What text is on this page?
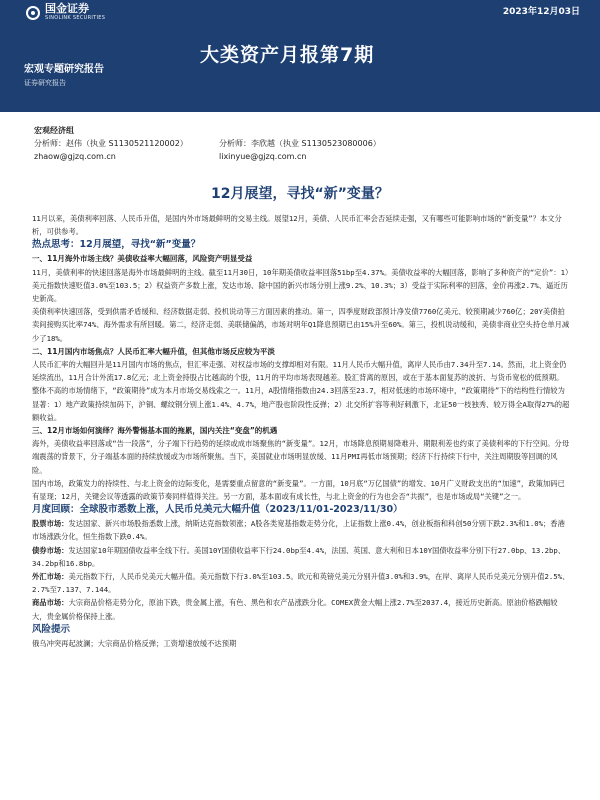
国金证券
SINOLINK SECURITIES
2023年12月03日
宏观专题研究报告
证券研究报告
大类资产月报第7期
宏观经济组
分析师：赵伟（执业 S1130521120002）
zhaow@gjzq.com.cn
分析师：李欣越（执业 S1130523080006）
lixinyue@gjzq.com.cn
12月展望，寻找“新”变量？

11月以来，美债利率回落、人民币升值，是国内外市场最鲜明的交易主线。展望12月，美债、人民币汇率会否延续走强，又有哪些可能影响市场的“新变量”？本文分析，可供参考。

热点思考：12月展望，寻找“新”变量？

一、11月海外市场主线？美债收益率大幅回落，风险资产明显受益

11月，美债利率的快速回落是海外市场最鲜明的主线。截至11月30日，10年期美债收益率回落51bp至4.37%。美债收益率的大幅回落，影响了多种资产的“定价”：1）美元指数快速贬值3.0%至103.5；2）权益资产多数上涨，发达市场、除中国的新兴市场分别上涨9.2%、10.3%；3）受益于实际利率的回落，金价再涨2.7%、逼近历史新高。

美债利率快速回落，受到供需矛盾缓和、经济数据走弱、投机说动等三方面因素的推动。第一，四季度财政部预计净发债7760亿美元、较预期减少760亿；20Y美债拍卖间接购买比率74%、海外需求有所回暖。第二，经济走弱、美联储偏鸽，市场对明年Q1降息预期已由15%升至60%。第三，投机说动缓和，美债非商业空头持仓单月减少了18%。

二、11月国内市场焦点？人民币汇率大幅升值，但其他市场反应较为平淡

人民币汇率的大幅回升是11月国内市场的焦点，但汇率走强、对权益市场的支撑却相对有限。11月人民币大幅升值，离岸人民币由7.34升至7.14。然而，北上资金仍延续流出，11月合计外流17.8亿元；北上资金持股占比越高的个股，11月的平均市场表现越差。股汇背离的原因，或在于基本面复苏的波折、与货币宽松的低预期。

整体不高的市场情绪下，“政策期待”成为本月市场交易线索之一。11月，A股情绪指数由24.3回落至23.7，相对低迷的市场环境中，“政策期待”下的结构性行情较为显著：1）地产政策持续加码下，沪铜、螺纹钢分别上涨1.4%、4.7%，地产股也阶段性反弹；2）北交所扩容等利好刺激下，北证50一枝独秀、较万得全A取得27%的超额收益。

三、12月市场如何演绎？海外警惕基本面的拖累，国内关注“变盘”的机遇

海外，美债收益率回落或“告一段落”，分子端下行趋势的延续或成市场聚焦的“新变量”。12月，市场降息预期易降难升、期限利差也约束了美债利率的下行空间。分母端震荡的背景下，分子端基本面的持续放缓或为市场所聚焦。当下，美国就业市场明显放缓、11月PMI再低市场预期；经济下行持续下行中，关注周期股等回调的风险。

国内市场，政策发力的持续性、与北上资金的边际变化，是需要重点留意的“新变量”。一方面，10月底“万亿国债”的增发、10月广义财政支出的“加速”，政策加码已有显现；12月，关键会议等透露的政策节奏同样值得关注。另一方面，基本面或有成长性，与北上资金的行为也会否“共振”，也是市场或局“关键”之一。

月度回顾：全球股市悉数上涨，人民币兑美元大幅升值（2023/11/01-2023/11/30）

股票市场：发达国家、新兴市场股指悉数上涨，纳斯达克指数领涨；A股各类宽基指数走势分化，上证指数上涨0.4%，创业板指和科创50分别下跌2.3%和1.0%；香港市场涨跌分化，恒生指数下跌0.4%。

债券市场：发达国家10年期国债收益率全线下行。美国10Y国债收益率下行24.0bp至4.4%，法国、英国、意大利和日本10Y国债收益率分别下行27.0bp、13.2bp、34.2bp和16.8bp。

外汇市场：美元指数下行，人民币兑美元大幅升值。美元指数下行3.0%至103.5。欧元和英镑兑美元分别升值3.0%和3.9%，在岸、离岸人民币兑美元分别升值2.5%、2.7%至7.137、7.144。

商品市场：大宗商品价格走势分化，原油下跌，贵金属上涨，有色、黑色和农产品涨跌分化。COMEX黄金大幅上涨2.7%至2037.4，接近历史新高。原油价格跌幅较大，贵金属价格保持上涨。

风险提示

俄乌冲突再起波澜；大宗商品价格反弹；工资增速放缓不达预期
